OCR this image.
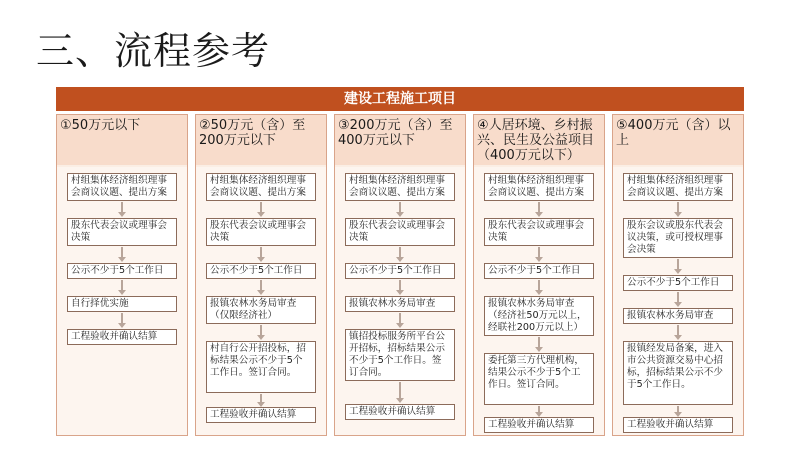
三、流程参考
建设工程施工项目
①50万元以下
村组集体经济组织理事会商议议题、提出方案
股东代表会议或理事会决策
公示不少于5个工作日
自行择优实施
工程验收并确认结算
②50万元（含）至200万元以下
村组集体经济组织理事会商议议题、提出方案
股东代表会议或理事会决策
公示不少于5个工作日
报镇农林水务局审查（仅限经济社）
村自行公开招投标，招标结果公示不少于5个工作日。签订合同。
工程验收并确认结算
③200万元（含）至400万元以下
村组集体经济组织理事会商议议题、提出方案
股东代表会议或理事会决策
公示不少于5个工作日
报镇农林水务局审查
镇招投标服务所平台公开招标，招标结果公示不少于5个工作日。签订合同。
工程验收并确认结算
④人居环境、乡村振兴、民生及公益项目（400万元以下）
村组集体经济组织理事会商议议题、提出方案
股东代表会议或理事会决策
公示不少于5个工作日
报镇农林水务局审查（经济社50万元以上，经联社200万元以上）
委托第三方代理机构，结果公示不少于5个工作日。签订合同。
工程验收并确认结算
⑤400万元（含）以上
村组集体经济组织理事会商议议题、提出方案
股东会议或股东代表会议决策，或可授权理事会决策
公示不少于5个工作日
报镇农林水务局审查
报镇经发局备案，进入市公共资源交易中心招标，招标结果公示不少于5个工作日。
工程验收并确认结算
